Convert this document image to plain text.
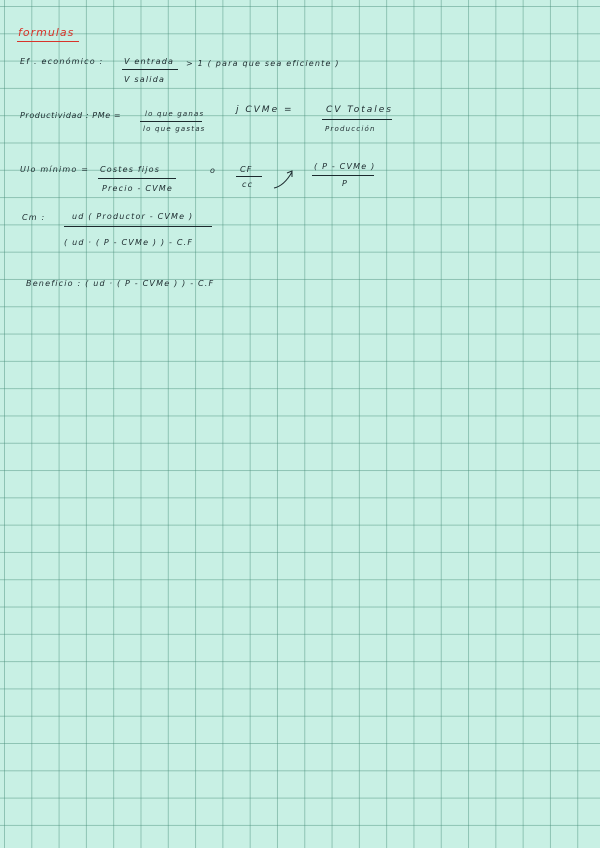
formulas
Ef . económico :	V entrada
V salida
> 1 ( para que sea eficiente )
Productividad : PMe =	lo que ganas
lo que gastas
j CVMe =	CV Totales
Producción
Ulo mínimo = Costes fijos
Precio - CVMe
o	CF
cc
( P - CVMe )
P
Cm :	ud ( Productor - CVMe )
( ud · ( P - CVMe ) ) - C.F
Beneficio : ( ud · ( P - CVMe ) ) - C.F
